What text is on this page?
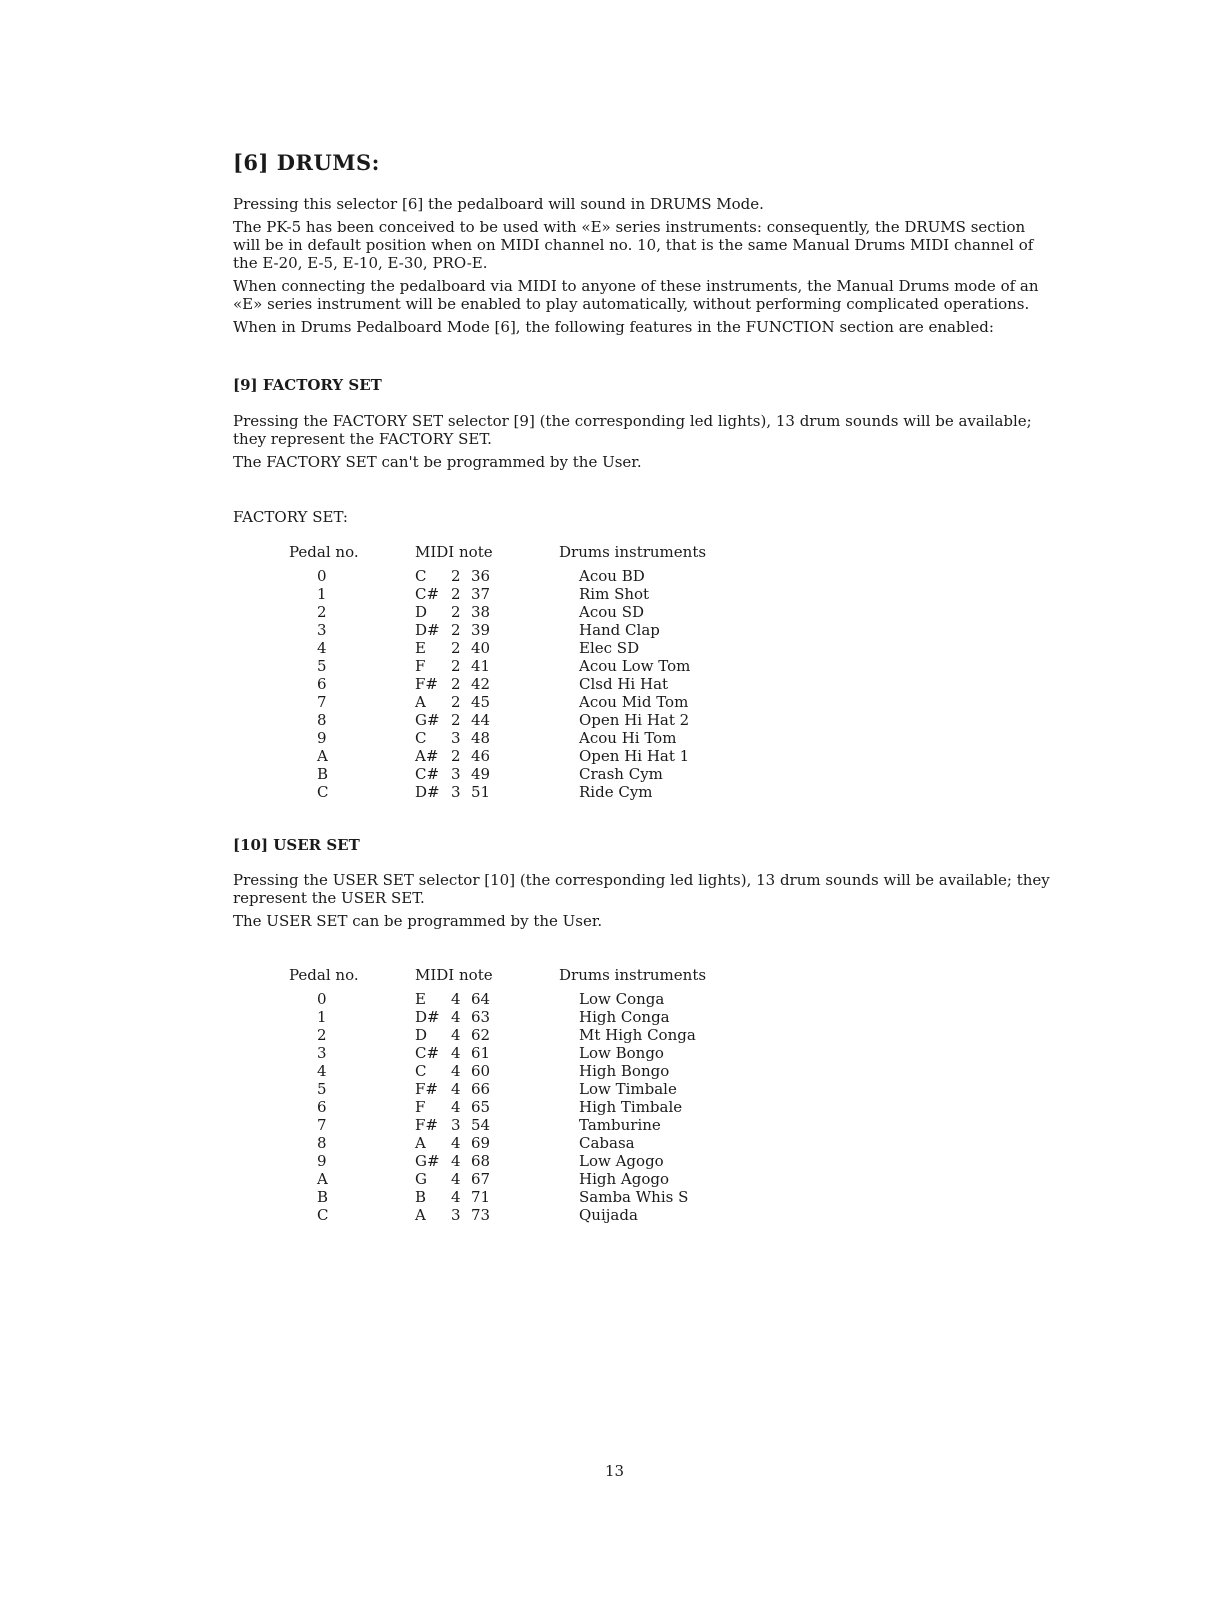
[6] DRUMS:

Pressing this selector [6] the pedalboard will sound in DRUMS Mode.

The PK-5 has been conceived to be used with «E» series instruments: consequently, the DRUMS section will be in default position when on MIDI channel no. 10, that is the same Manual Drums MIDI channel of the E-20, E-5, E-10, E-30, PRO-E.

When connecting the pedalboard via MIDI to anyone of these instruments, the Manual Drums mode of an «E» series instrument will be enabled to play automatically, without performing complicated operations.

When in Drums Pedalboard Mode [6], the following features in the FUNCTION section are enabled:

[9] FACTORY SET

Pressing the FACTORY SET selector [9] (the corresponding led lights), 13 drum sounds will be available; they represent the FACTORY SET.

The FACTORY SET can't be programmed by the User.

FACTORY SET:
Pedal no.	MIDI note	Drums instruments
0	C	2 36	Acou BD
1	C# 2 37	Rim Shot
2	D	2 38	Acou SD
3	D# 2 39	Hand Clap
4	E	2 40	Elec SD
5	F	2 41	Acou Low Tom
6	F# 2 42	Clsd Hi Hat
7	A	2 45	Acou Mid Tom
8	G# 2 44	Open Hi Hat 2
9	C	3 48	Acou Hi Tom
A	A# 2 46	Open Hi Hat 1
B	C# 3 49	Crash Cym
C	D# 3 51	Ride Cym
[10] USER SET

Pressing the USER SET selector [10] (the corresponding led lights), 13 drum sounds will be available; they represent the USER SET.

The USER SET can be programmed by the User.

Pedal no.	MIDI note	Drums instruments
0	E	4 64	Low Conga
1	D# 4 63	High Conga
2	D	4 62	Mt High Conga
3	C# 4 61	Low Bongo
4	C	4 60	High Bongo
5	F# 4 66	Low Timbale
6	F	4 65	High Timbale
7	F# 3 54	Tamburine
8	A	4 69	Cabasa
9	G# 4 68	Low Agogo
A	G	4 67	High Agogo
B	B	4 71	Samba Whis S
C	A	3 73	Quijada
13
